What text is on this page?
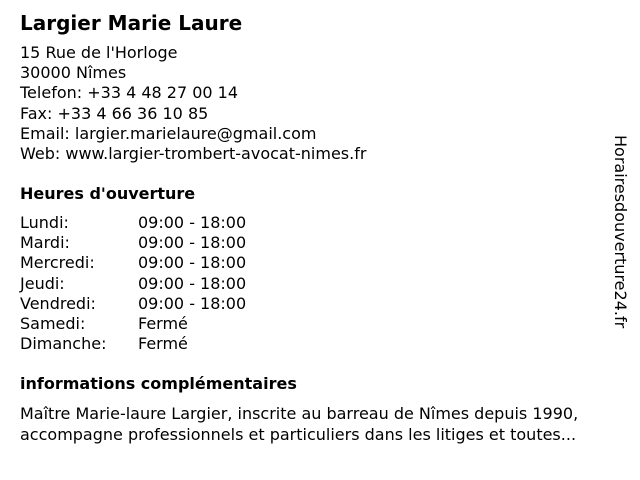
Largier Marie Laure
15 Rue de l'Horloge
30000 Nîmes
Telefon: +33 4 48 27 00 14
Fax: +33 4 66 36 10 85
Email: largier.marielaure@gmail.com
Web: www.largier-trombert-avocat-nimes.fr
Heures d'ouverture
Lundi:	09:00 - 18:00
Mardi:	09:00 - 18:00
Mercredi:	09:00 - 18:00
Jeudi:	09:00 - 18:00
Vendredi:	09:00 - 18:00
Samedi:	Fermé
Dimanche: Fermé
informations complémentaires
Maître Marie-laure Largier, inscrite au barreau de Nîmes depuis 1990,
accompagne professionnels et particuliers dans les litiges et toutes...
Horairesdouverture24.fr
